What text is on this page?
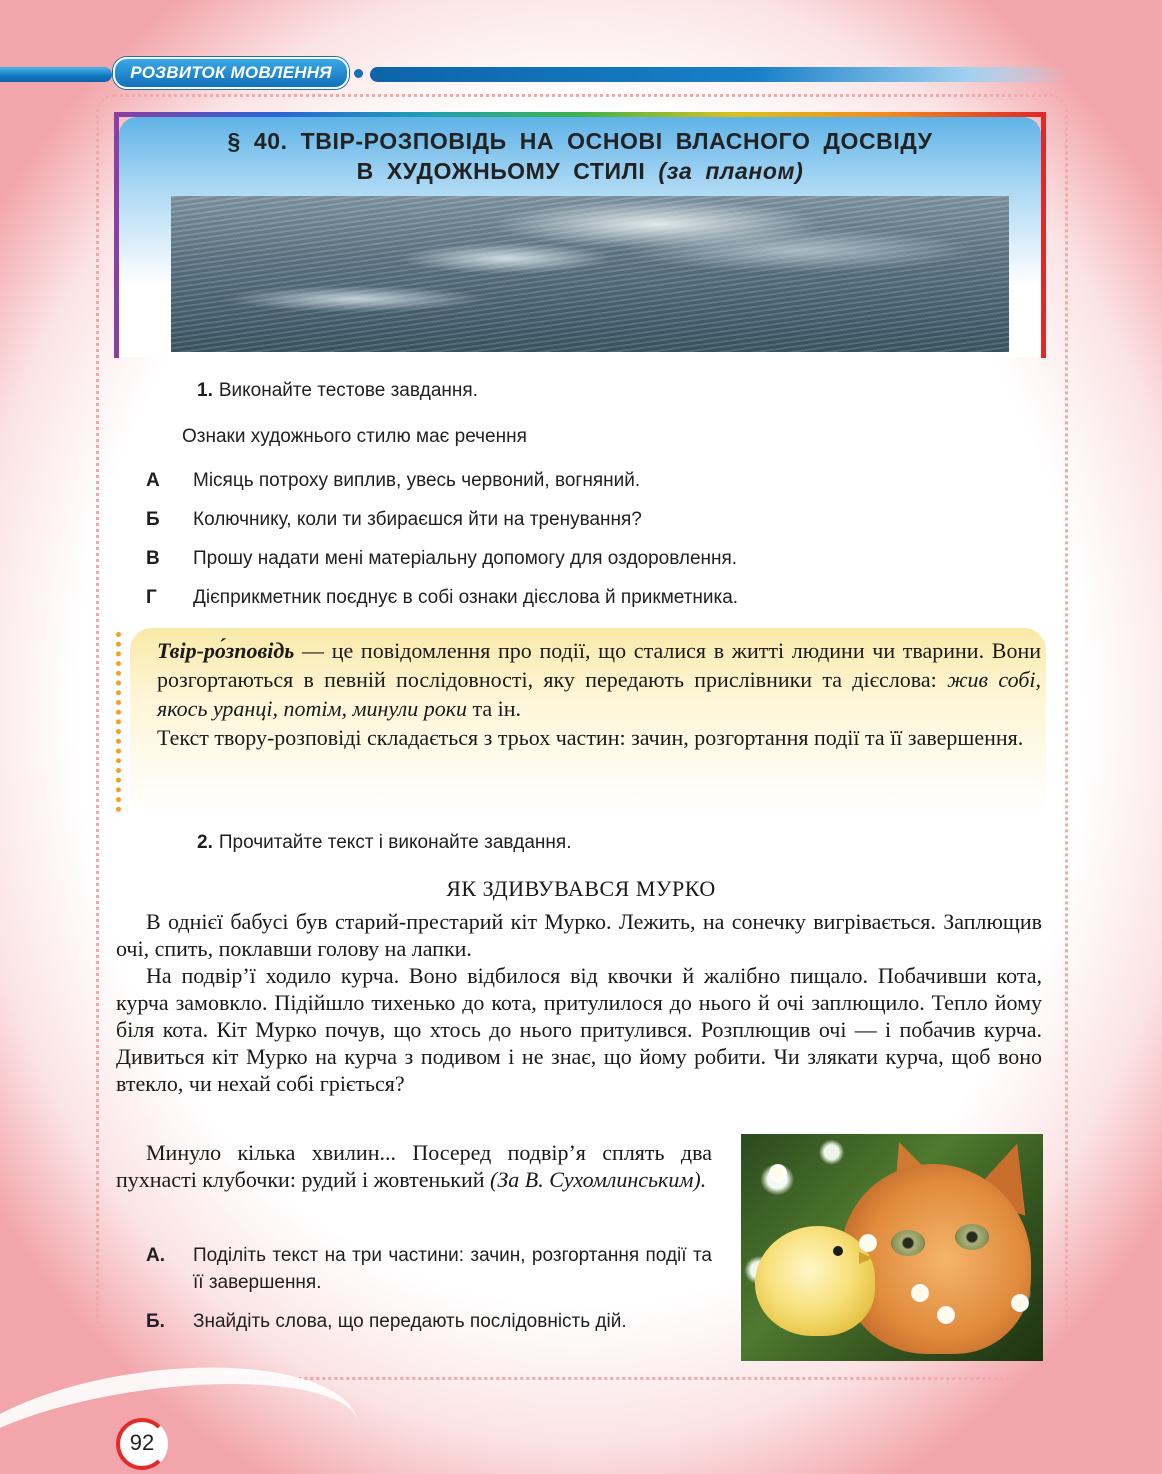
РОЗВИТОК МОВЛЕННЯ
§ 40. ТВІР-РОЗПОВІДЬ НА ОСНОВІ ВЛАСНОГО ДОСВІДУ
В ХУДОЖНЬОМУ СТИЛІ (за планом)
1. Виконайте тестове завдання.
Ознаки художнього стилю має речення
А	Місяць потроху виплив, увесь червоний, вогняний.
Б	Колючнику, коли ти збираєшся йти на тренування?
В	Прошу надати мені матеріальну допомогу для оздоровлення.
Г	Дієприкметник поєднує в собі ознаки дієслова й прикметника.
Твір-ро́зповідь — це повідомлення про події, що сталися в житті людини чи тварини. Вони розгортаються в певній послідовності, яку передають прислівники та дієслова: жив собі, якось уранці, потім, минули роки та ін.
Текст твору-розповіді складається з трьох частин: зачин, розгортання події та її завершення.
2. Прочитайте текст і виконайте завдання.
ЯК ЗДИВУВАВСЯ МУРКО

В однієї бабусі був старий-престарий кіт Мурко. Лежить, на сонечку вигрівається. Заплющив очі, спить, поклавши голову на лапки.

На подвір’ї ходило курча. Воно відбилося від квочки й жалібно пищало. Побачивши кота, курча замовкло. Підійшло тихенько до кота, притулилося до нього й очі заплющило. Тепло йому біля кота. Кіт Мурко почув, що хтось до нього притулився. Розплющив очі — і побачив курча. Дивиться кіт Мурко на курча з подивом і не знає, що йому робити. Чи злякати курча, щоб воно втекло, чи нехай собі гріється?

Минуло кілька хвилин... Посеред подвір’я сплять два пухнасті клубочки: рудий і жовтенький (За В. Сухомлинським).
А.	Поділіть текст на три частини: зачин, розгортання події та її завершення.
Б.	Знайдіть слова, що передають послідовність дій.
92
